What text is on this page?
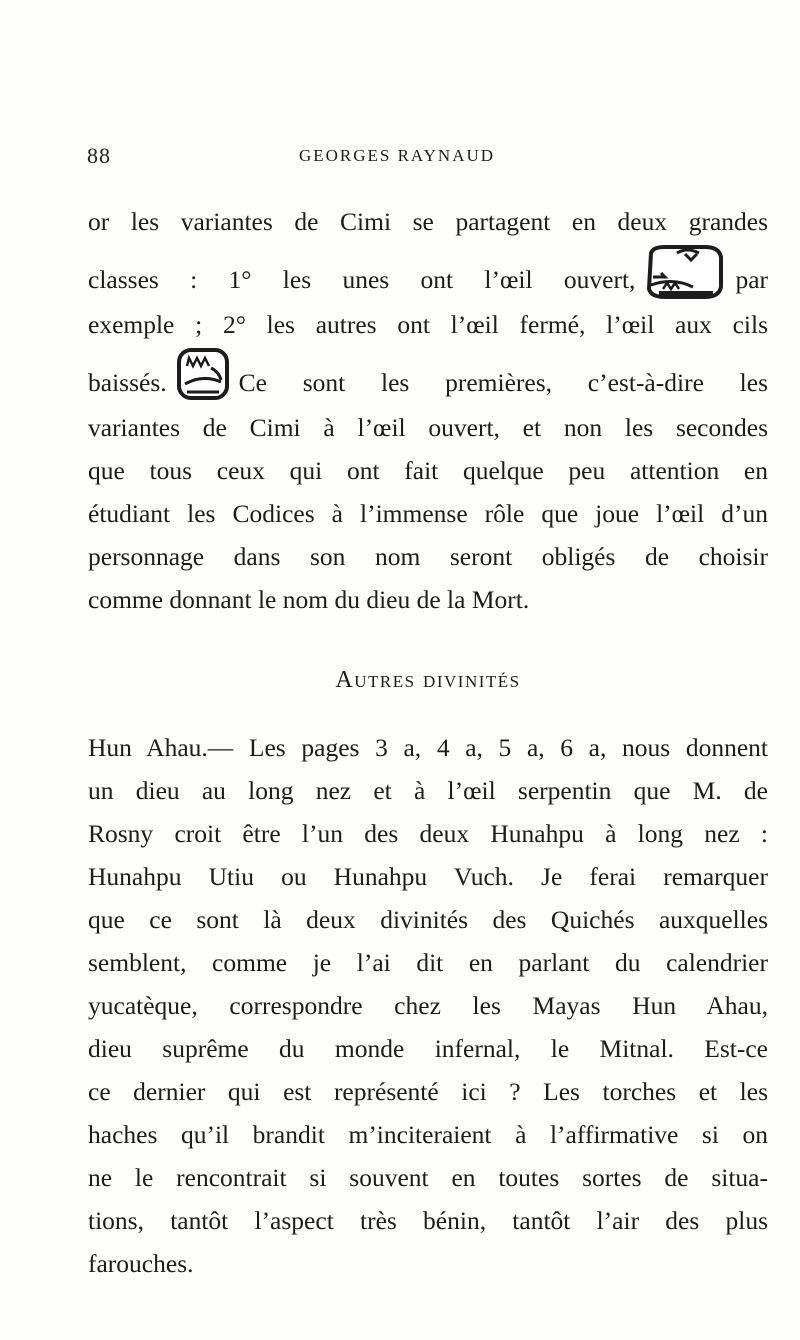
88	GEORGES RAYNAUD
or les variantes de Cimi se partagent en deux grandes
classes : 1° les unes ont l’œil ouvert,	par
exemple ; 2° les autres ont l’œil fermé, l’œil aux cils
baissés.	Ce sont les premières, c’est-à-dire les
variantes de Cimi à l’œil ouvert, et non les secondes
que tous ceux qui ont fait quelque peu attention en
étudiant les Codices à l’immense rôle que joue l’œil d’un
personnage dans son nom seront obligés de choisir
comme donnant le nom du dieu de la Mort.
Autres divinités
Hun Ahau.— Les pages 3 a, 4 a, 5 a, 6 a, nous donnent
un dieu au long nez et à l’œil serpentin que M. de
Rosny croit être l’un des deux Hunahpu à long nez :
Hunahpu Utiu ou Hunahpu Vuch. Je ferai remarquer
que ce sont là deux divinités des Quichés auxquelles
semblent, comme je l’ai dit en parlant du calendrier
yucatèque, correspondre chez les Mayas Hun Ahau,
dieu suprême du monde infernal, le Mitnal. Est-ce
ce dernier qui est représenté ici ? Les torches et les
haches qu’il brandit m’inciteraient à l’affirmative si on
ne le rencontrait si souvent en toutes sortes de situa-
tions, tantôt l’aspect très bénin, tantôt l’air des plus
farouches.
